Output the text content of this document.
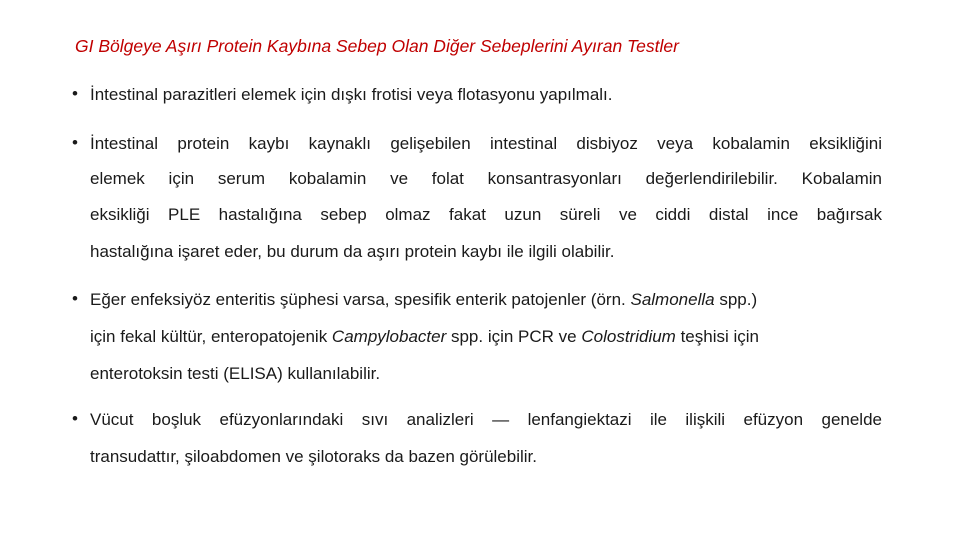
GI Bölgeye Aşırı Protein Kaybına Sebep Olan Diğer Sebeplerini Ayıran Testler
• İntestinal parazitleri elemek için dışkı frotisi veya flotasyonu yapılmalı.
• İntestinal protein kaybı kaynaklı gelişebilen intestinal disbiyoz veya kobalamin eksikliğini
elemek için serum kobalamin ve folat konsantrasyonları değerlendirilebilir. Kobalamin
eksikliği PLE hastalığına sebep olmaz fakat uzun süreli ve ciddi distal ince bağırsak
hastalığına işaret eder, bu durum da aşırı protein kaybı ile ilgili olabilir.
• Eğer enfeksiyöz enteritis şüphesi varsa, spesifik enterik patojenler (örn. Salmonella spp.)
için fekal kültür, enteropatojenik Campylobacter spp. için PCR ve Colostridium teşhisi için
enterotoksin testi (ELISA) kullanılabilir.
• Vücut boşluk efüzyonlarındaki sıvı analizleri — lenfangiektazi ile ilişkili efüzyon genelde
transudattır, şiloabdomen ve şilotoraks da bazen görülebilir.
